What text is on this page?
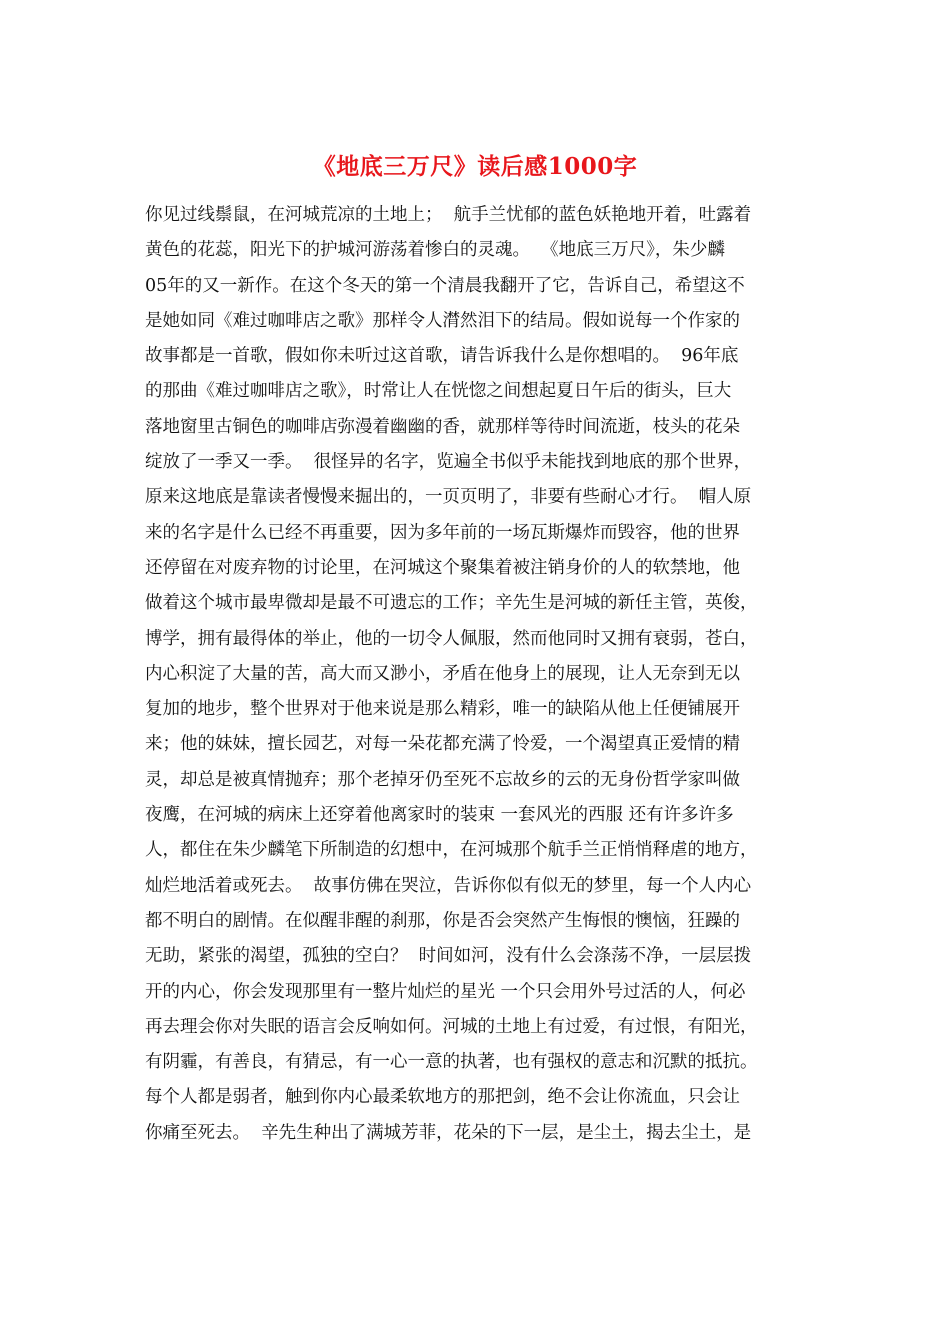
《地底三万尺》读后感1000字
你见过线鬃鼠，在河城荒凉的土地上；  航手兰忧郁的蓝色妖艳地开着，吐露着
黄色的花蕊，阳光下的护城河游荡着惨白的灵魂。  《地底三万尺》，朱少麟
05年的又一新作。在这个冬天的第一个清晨我翻开了它，告诉自己，希望这不
是她如同《难过咖啡店之歌》那样令人潸然泪下的结局。假如说每一个作家的
故事都是一首歌，假如你未听过这首歌，请告诉我什么是你想唱的。  96年底
的那曲《难过咖啡店之歌》，时常让人在恍惚之间想起夏日午后的街头，巨大
落地窗里古铜色的咖啡店弥漫着幽幽的香，就那样等待时间流逝，枝头的花朵
绽放了一季又一季。  很怪异的名字，览遍全书似乎未能找到地底的那个世界，
原来这地底是靠读者慢慢来掘出的，一页页明了，非要有些耐心才行。  帽人原
来的名字是什么已经不再重要，因为多年前的一场瓦斯爆炸而毁容，他的世界
还停留在对废弃物的讨论里，在河城这个聚集着被注销身价的人的软禁地，他
做着这个城市最卑微却是最不可遗忘的工作；辛先生是河城的新任主管，英俊，
博学，拥有最得体的举止，他的一切令人佩服，然而他同时又拥有衰弱，苍白，
内心积淀了大量的苦，高大而又渺小，矛盾在他身上的展现，让人无奈到无以
复加的地步，整个世界对于他来说是那么精彩，唯一的缺陷从他上任便铺展开
来；他的妹妹，擅长园艺，对每一朵花都充满了怜爱，一个渴望真正爱情的精
灵，却总是被真情抛弃；那个老掉牙仍至死不忘故乡的云的无身份哲学家叫做
夜鹰，在河城的病床上还穿着他离家时的装束 一套风光的西服 还有许多许多
人，都住在朱少麟笔下所制造的幻想中，在河城那个航手兰正悄悄释虐的地方，
灿烂地活着或死去。  故事仿佛在哭泣，告诉你似有似无的梦里，每一个人内心
都不明白的剧情。在似醒非醒的刹那，你是否会突然产生悔恨的懊恼，狂躁的
无助，紧张的渴望，孤独的空白？  时间如河，没有什么会涤荡不净，一层层拨
开的内心，你会发现那里有一整片灿烂的星光 一个只会用外号过活的人，何必
再去理会你对失眠的语言会反响如何。河城的土地上有过爱，有过恨，有阳光，
有阴霾，有善良，有猜忌，有一心一意的执著，也有强权的意志和沉默的抵抗。
每个人都是弱者，触到你内心最柔软地方的那把剑，绝不会让你流血，只会让
你痛至死去。  辛先生种出了满城芳菲，花朵的下一层，是尘土，揭去尘土，是
